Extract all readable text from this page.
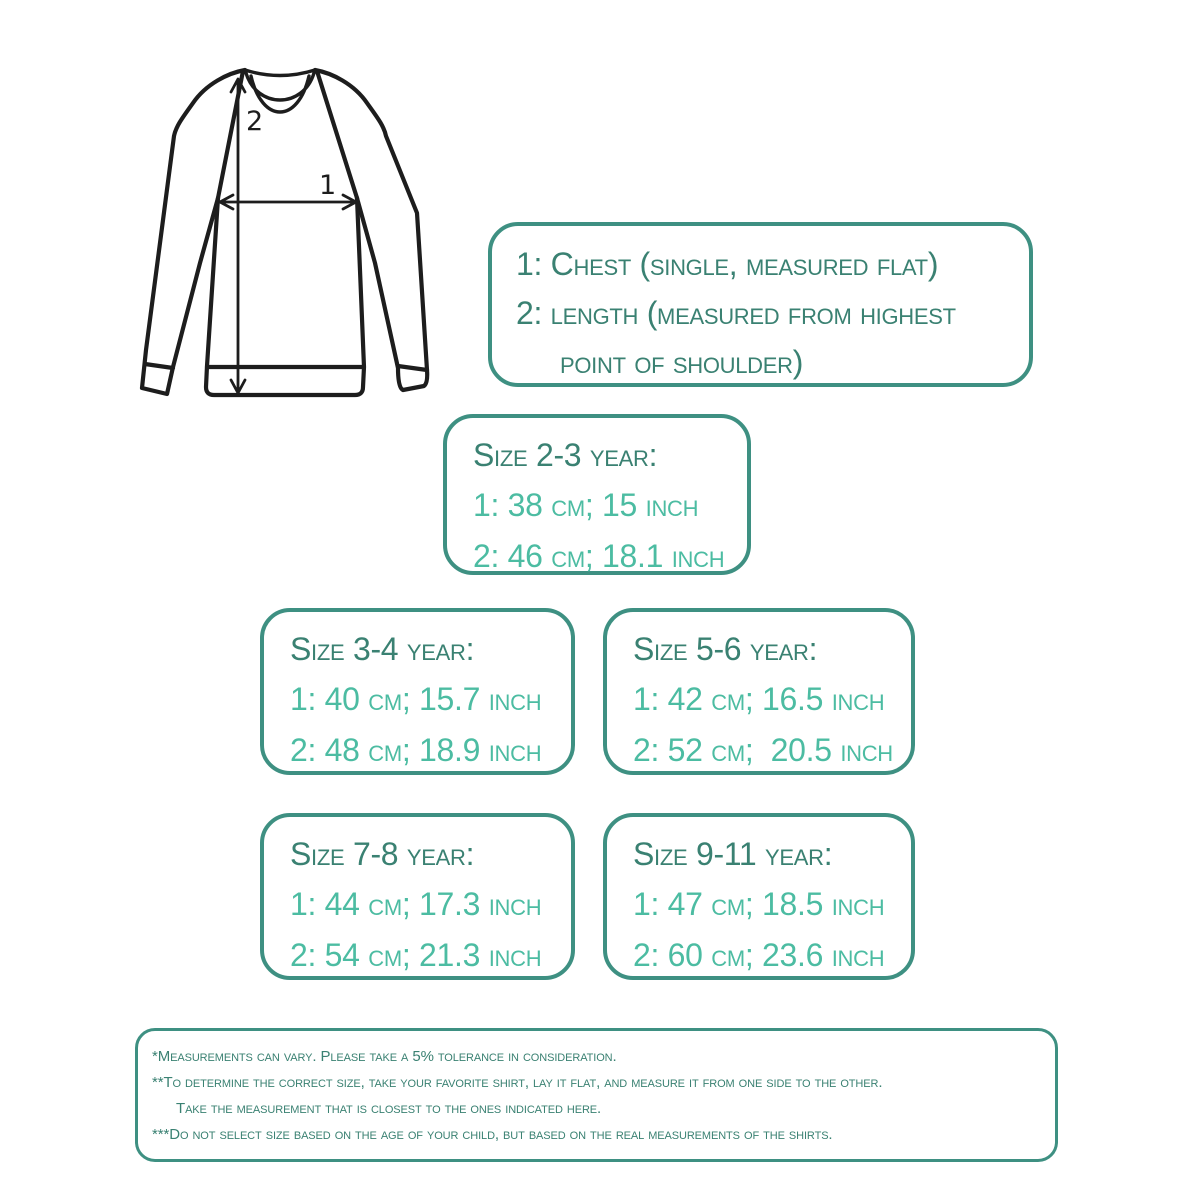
1
2
1: Chest (single, measured flat)
2: length (measured from highest
point of shoulder)
Size 2-3 year:
1: 38 cm; 15 inch
2: 46 cm; 18.1 inch
Size 3-4 year:
1: 40 cm; 15.7 inch
2: 48 cm; 18.9 inch
Size 5-6 year:
1: 42 cm; 16.5 inch
2: 52 cm;  20.5 inch
Size 7-8 year:
1: 44 cm; 17.3 inch
2: 54 cm; 21.3 inch
Size 9-11 year:
1: 47 cm; 18.5 inch
2: 60 cm; 23.6 inch
*Measurements can vary. Please take a 5% tolerance in consideration.
**To determine the correct size, take your favorite shirt, lay it flat, and measure it from one side to the other.
Take the measurement that is closest to the ones indicated here.
***Do not select size based on the age of your child, but based on the real measurements of the shirts.
